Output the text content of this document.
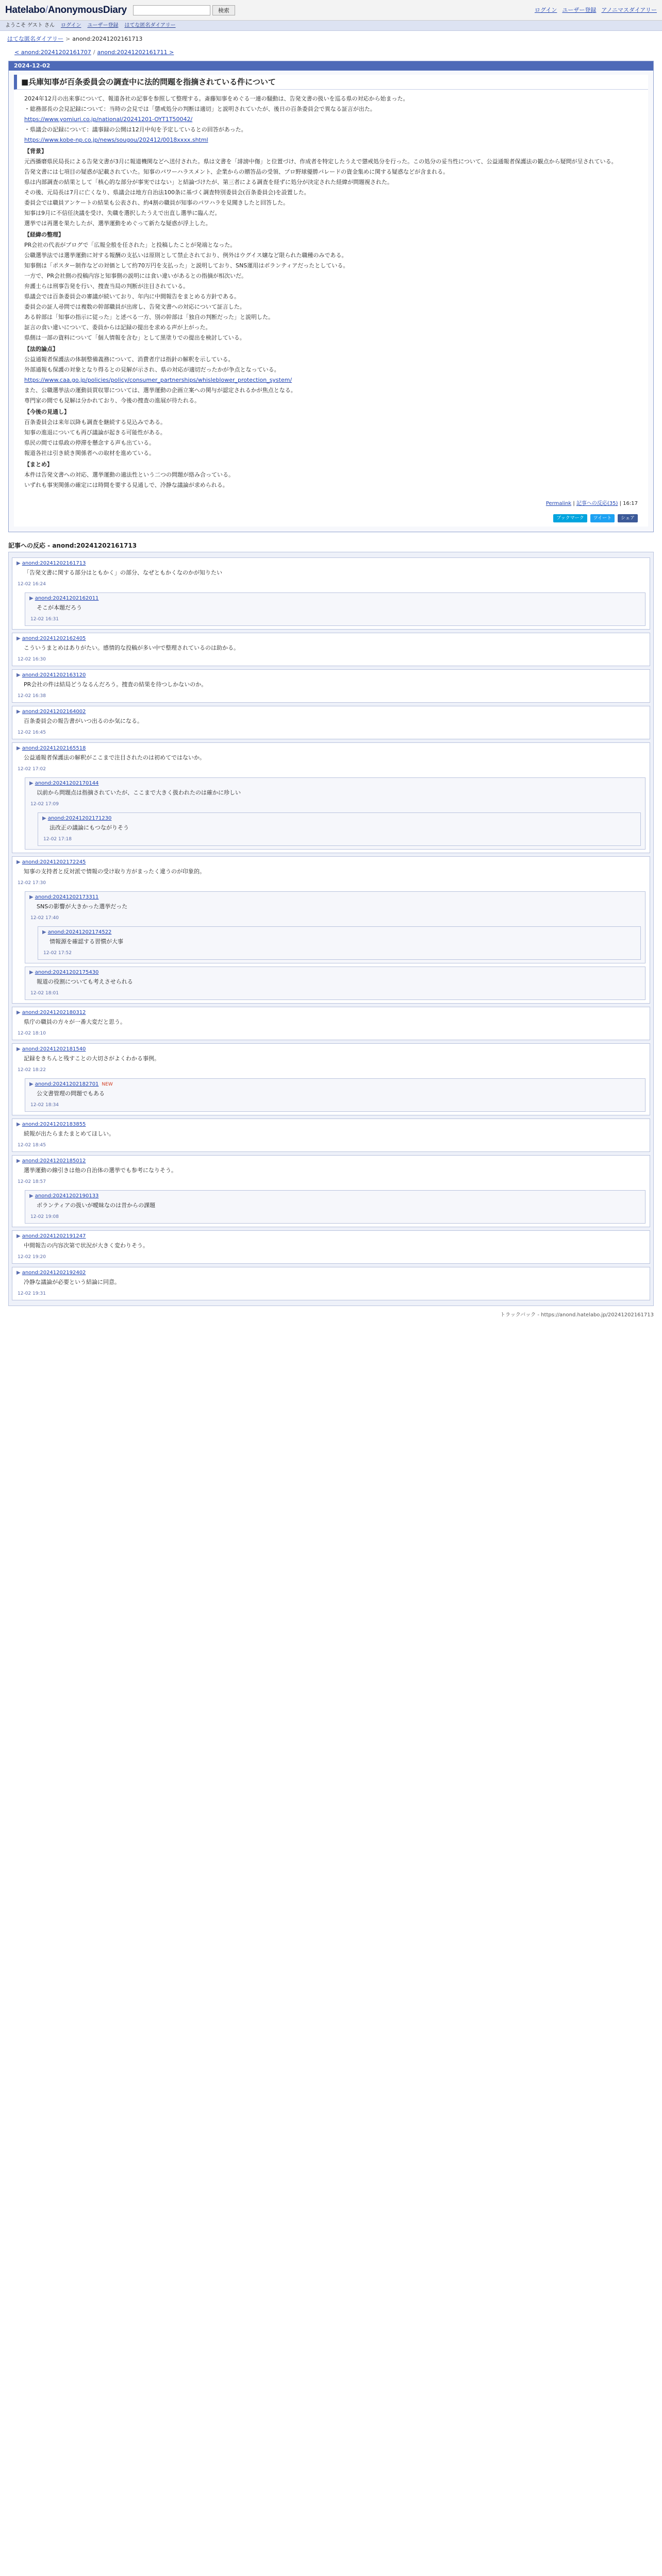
Hatelabo/AnonymousDiary	検索	ログイン ユーザー登録 アノニマスダイアリー
ようこそ ゲスト さん ログイン ユーザー登録 はてな匿名ダイアリー
はてな匿名ダイアリー > anond:20241202161713
< anond:20241202161707 / anond:20241202161711 >
2024-12-02
■兵庫知事が百条委員会の調査中に法的問題を指摘されている件について

2024年12月の出来事について、報道各社の記事を参照して整理する。斎藤知事をめぐる一連の騒動は、告発文書の扱いを巡る県の対応から始まった。

・総務部長の会見記録について：当時の会見では「懲戒処分の判断は適切」と説明されていたが、後日の百条委員会で異なる証言が出た。

https://www.yomiuri.co.jp/national/20241201-OYT1T50042/

・県議会の記録について：議事録の公開は12月中旬を予定しているとの回答があった。

https://www.kobe-np.co.jp/news/sougou/202412/0018xxxx.shtml

【背景】

元西播磨県民局長による告発文書が3月に報道機関などへ送付された。県は文書を「誹謗中傷」と位置づけ、作成者を特定したうえで懲戒処分を行った。この処分の妥当性について、公益通報者保護法の観点から疑問が呈されている。

告発文書には七項目の疑惑が記載されていた。知事のパワーハラスメント、企業からの贈答品の受領、プロ野球優勝パレードの資金集めに関する疑惑などが含まれる。

県は内部調査の結果として「核心的な部分が事実ではない」と結論づけたが、第三者による調査を経ずに処分が決定された経緯が問題視された。

その後、元局長は7月に亡くなり、県議会は地方自治法100条に基づく調査特別委員会(百条委員会)を設置した。

委員会では職員アンケートの結果も公表され、約4割の職員が知事のパワハラを見聞きしたと回答した。

知事は9月に不信任決議を受け、失職を選択したうえで出直し選挙に臨んだ。

選挙では再選を果たしたが、選挙運動をめぐって新たな疑惑が浮上した。

【経緯の整理】

PR会社の代表がブログで「広報全般を任された」と投稿したことが発端となった。

公職選挙法では選挙運動に対する報酬の支払いは原則として禁止されており、例外はウグイス嬢など限られた職種のみである。

知事側は「ポスター制作などの対価として約70万円を支払った」と説明しており、SNS運用はボランティアだったとしている。

一方で、PR会社側の投稿内容と知事側の説明には食い違いがあるとの指摘が相次いだ。

弁護士らは刑事告発を行い、捜査当局の判断が注目されている。

県議会では百条委員会の審議が続いており、年内に中間報告をまとめる方針である。

委員会の証人尋問では複数の幹部職員が出席し、告発文書への対応について証言した。

ある幹部は「知事の指示に従った」と述べる一方、別の幹部は「独自の判断だった」と説明した。

証言の食い違いについて、委員からは記録の提出を求める声が上がった。

県側は一部の資料について「個人情報を含む」として黒塗りでの提出を検討している。

【法的論点】

公益通報者保護法の体制整備義務について、消費者庁は指針の解釈を示している。

外部通報も保護の対象となり得るとの見解が示され、県の対応が適切だったかが争点となっている。

https://www.caa.go.jp/policies/policy/consumer_partnerships/whisleblower_protection_system/

また、公職選挙法の運動員買収罪については、選挙運動の企画立案への関与が認定されるかが焦点となる。

専門家の間でも見解は分かれており、今後の捜査の進展が待たれる。

【今後の見通し】

百条委員会は来年以降も調査を継続する見込みである。

知事の進退についても再び議論が起きる可能性がある。

県民の間では県政の停滞を懸念する声も出ている。

報道各社は引き続き関係者への取材を進めている。

【まとめ】

本件は告発文書への対応、選挙運動の適法性という二つの問題が絡み合っている。

いずれも事実関係の確定には時間を要する見通しで、冷静な議論が求められる。

Permalink | 記事への反応(35) | 16:17
ブックマーク	ツイート	シェア
記事への反応 - anond:20241202161713
▶ anond:20241202161713
「告発文書に関する部分はともかく」の部分、なぜともかくなのかが知りたい
12-02 16:24
▶ anond:20241202162011
そこが本題だろう
12-02 16:31
▶ anond:20241202162405
こういうまとめはありがたい。感情的な投稿が多い中で整理されているのは助かる。
12-02 16:30
▶ anond:20241202163120
PR会社の件は結局どうなるんだろう。捜査の結果を待つしかないのか。
12-02 16:38
▶ anond:20241202164002
百条委員会の報告書がいつ出るのか気になる。
12-02 16:45
▶ anond:20241202165518
公益通報者保護法の解釈がここまで注目されたのは初めてではないか。
12-02 17:02
▶ anond:20241202170144
以前から問題点は指摘されていたが、ここまで大きく扱われたのは確かに珍しい
12-02 17:09
▶ anond:20241202171230
法改正の議論にもつながりそう
12-02 17:18
▶ anond:20241202172245
知事の支持者と反対派で情報の受け取り方がまったく違うのが印象的。
12-02 17:30
▶ anond:20241202173311
SNSの影響が大きかった選挙だった
12-02 17:40
▶ anond:20241202174522
情報源を確認する習慣が大事
12-02 17:52
▶ anond:20241202175430
報道の役割についても考えさせられる
12-02 18:01
▶ anond:20241202180312
県庁の職員の方々が一番大変だと思う。
12-02 18:10
▶ anond:20241202181540
記録をきちんと残すことの大切さがよくわかる事例。
12-02 18:22
▶ anond:20241202182701 NEW
公文書管理の問題でもある
12-02 18:34
▶ anond:20241202183855
続報が出たらまたまとめてほしい。
12-02 18:45
▶ anond:20241202185012
選挙運動の線引きは他の自治体の選挙でも参考になりそう。
12-02 18:57
▶ anond:20241202190133
ボランティアの扱いが曖昧なのは昔からの課題
12-02 19:08
▶ anond:20241202191247
中間報告の内容次第で状況が大きく変わりそう。
12-02 19:20
▶ anond:20241202192402
冷静な議論が必要という結論に同意。
12-02 19:31
トラックバック - https://anond.hatelabo.jp/20241202161713
